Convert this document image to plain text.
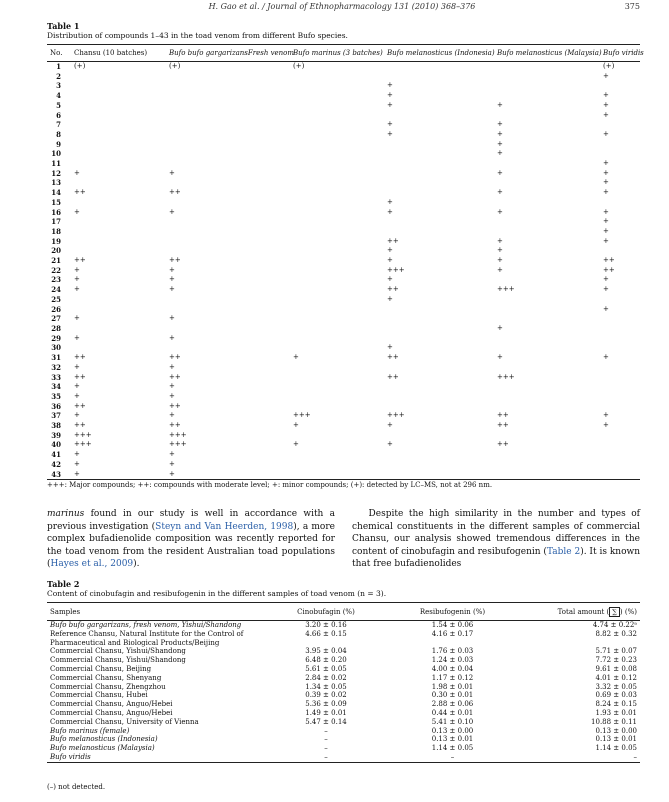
H. Gao et al. / Journal of Ethnopharmacology 131 (2010) 368–376	375
Table 1
Distribution of compounds 1–43 in the toad venom from different Bufo species.
No.	Chansu (10 batches)	Bufo bufo gargarizansFresh venom	Bufo marinus (3 batches)	Bufo melanosticus (Indonesia)	Bufo melanosticus (Malaysia)	Bufo viridis
1	(+)	(+)	(+)			(+)
2						+
3				+		
4				+		+
5				+	+	+
6						+
7				+	+	
8				+	+	+
9					+	
10					+	
11						+
12	+	+			+	+
13						+
14	++	++			+	+
15				+		
16	+	+		+	+	+
17						+
18						+
19				++	+	+
20				+	+	
21	++	++		+	+	++
22	+	+		+++	+	++
23	+	+		+		+
24	+	+		++	+++	+
25				+		
26						+
27	+	+				
28					+	
29	+	+				
30				+		
31	++	++	+	++	+	+
32	+	+				
33	++	++		++	+++	
34	+	+				
35	+	+				
36	++	++				
37	+	+	+++	+++	++	+
38	++	++	+	+	++	+
39	+++	+++				
40	+++	+++	+	+	++	
41	+	+				
42	+	+				
43	+	+				
+++: Major compounds; ++: compounds with moderate level; +: minor compounds; (+): detected by LC–MS, not at 296 nm.
marinus found in our study is well in accordance with a previous investigation (Steyn and Van Heerden, 1998), a more complex bufadienolide composition was recently reported for the toad venom from the resident Australian toad populations (Hayes et al., 2009).
Despite the high similarity in the number and types of chemical constituents in the different samples of commercial Chansu, our analysis showed tremendous differences in the content of cinobufagin and resibufogenin (Table 2). It is known that free bufadienolides
Table 2
Content of cinobufagin and resibufogenin in the different samples of toad venom (n = 3).
Samples	Cinobufagin (%)	Resibufogenin (%)	Total amount ( ∑ ) (%)
Bufo bufo gargarizans, fresh venom, Yishui/Shandong	3.20 ± 0.16	1.54 ± 0.06	4.74 ± 0.22ᵃ
Reference Chansu, Natural Institute for the Control of Pharmaceutical and Biological Products/Beijing	4.66 ± 0.15	4.16 ± 0.17	8.82 ± 0.32
Commercial Chansu, Yishui/Shandong	3.95 ± 0.04	1.76 ± 0.03	5.71 ± 0.07
Commercial Chansu, Yishui/Shandong	6.48 ± 0.20	1.24 ± 0.03	7.72 ± 0.23
Commercial Chansu, Beijing	5.61 ± 0.05	4.00 ± 0.04	9.61 ± 0.08
Commercial Chansu, Shenyang	2.84 ± 0.02	1.17 ± 0.12	4.01 ± 0.12
Commercial Chansu, Zhengzhou	1.34 ± 0.05	1.98 ± 0.01	3.32 ± 0.05
Commercial Chansu, Hubei	0.39 ± 0.02	0.30 ± 0.01	0.69 ± 0.03
Commercial Chansu, Anguo/Hebei	5.36 ± 0.09	2.88 ± 0.06	8.24 ± 0.15
Commercial Chansu, Anguo/Hebei	1.49 ± 0.01	0.44 ± 0.01	1.93 ± 0.01
Commercial Chansu, University of Vienna	5.47 ± 0.14	5.41 ± 0.10	10.88 ± 0.11
Bufo marinus (female)	–	0.13 ± 0.00	0.13 ± 0.00
Bufo melanosticus (Indonesia)	–	0.13 ± 0.01	0.13 ± 0.01
Bufo melanosticus (Malaysia)	–	1.14 ± 0.05	1.14 ± 0.05
Bufo viridis	–	–	–
(–) not detected.
